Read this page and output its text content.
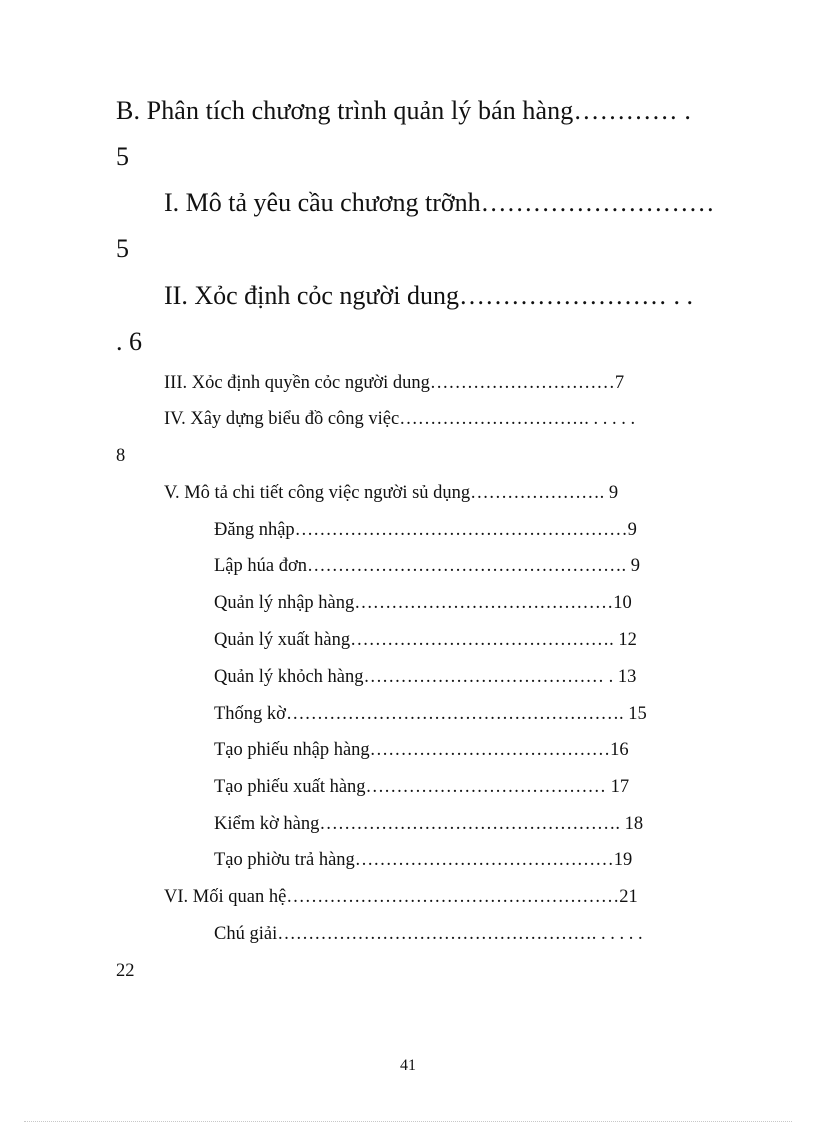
B. Phân tích chương trình quản lý bán hàng………… .
5
I. Mô tả yêu cầu chương trỡnh………………………
5
II. Xỏc định cỏc người dung…………………… . .
. 6
III. Xỏc định quyền cỏc người dung…………………………7
IV. Xây dựng biểu đồ công việc…………………………. . . . . .
8
V. Mô tả chi tiết công việc người sủ dụng…………………. 9
Đăng nhập………………………………………………9
Lập húa đơn……………………………………………. 9
Quản lý nhập hàng……………………………………10
Quản lý xuất hàng……………………………………. 12
Quản lý khỏch hàng………………………………… . 13
Thống kờ………………………………………………. 15
Tạo phiếu nhập hàng…………………………………16
Tạo phiếu xuất hàng………………………………… 17
Kiểm kờ hàng…………………………………………. 18
Tạo phiờu trả hàng……………………………………19
VI. Mối quan hệ………………………………………………21
Chú giải……………………………………………. . . . . .
22
41
